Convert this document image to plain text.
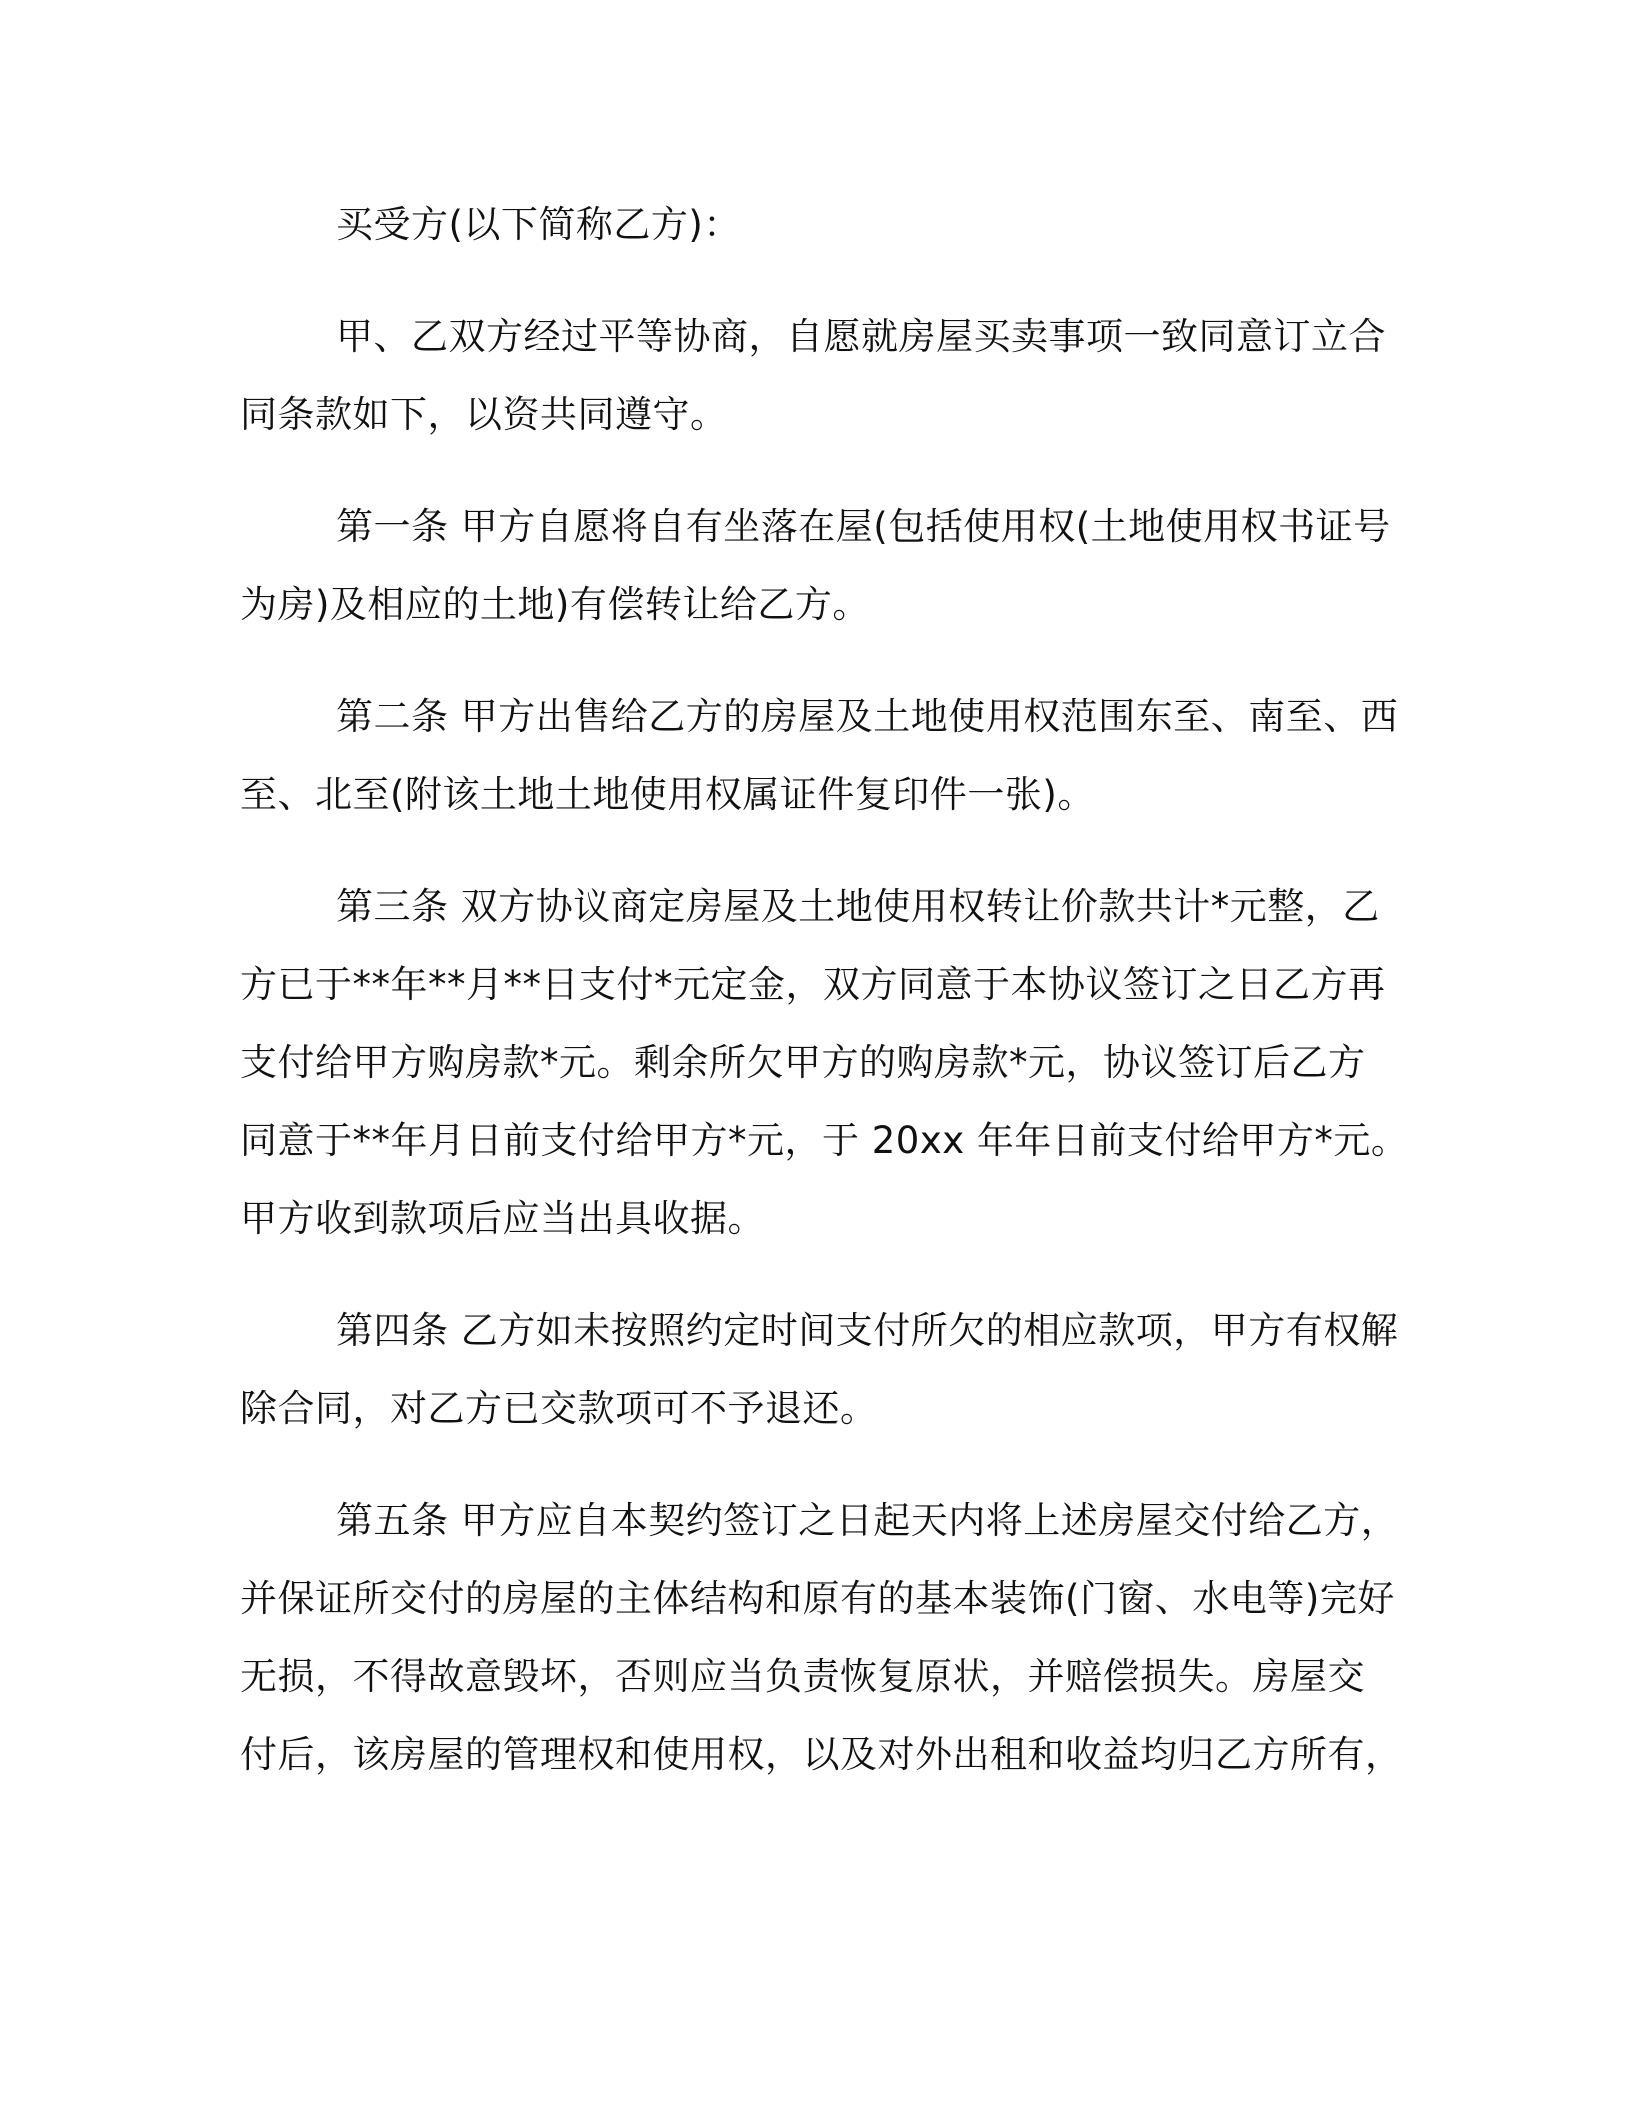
买受方(以下简称乙方)：

甲、乙双方经过平等协商，自愿就房屋买卖事项一致同意订立合
同条款如下，以资共同遵守。

第一条 甲方自愿将自有坐落在屋(包括使用权(土地使用权书证号
为房)及相应的土地)有偿转让给乙方。

第二条 甲方出售给乙方的房屋及土地使用权范围东至、南至、西
至、北至(附该土地土地使用权属证件复印件一张)。

第三条 双方协议商定房屋及土地使用权转让价款共计*元整，乙
方已于**年**月**日支付*元定金，双方同意于本协议签订之日乙方再
支付给甲方购房款*元。剩余所欠甲方的购房款*元，协议签订后乙方
同意于**年月日前支付给甲方*元，于 20xx 年年日前支付给甲方*元。
甲方收到款项后应当出具收据。

第四条 乙方如未按照约定时间支付所欠的相应款项，甲方有权解
除合同，对乙方已交款项可不予退还。

第五条 甲方应自本契约签订之日起天内将上述房屋交付给乙方，
并保证所交付的房屋的主体结构和原有的基本装饰(门窗、水电等)完好
无损，不得故意毁坏，否则应当负责恢复原状，并赔偿损失。房屋交
付后，该房屋的管理权和使用权，以及对外出租和收益均归乙方所有，
